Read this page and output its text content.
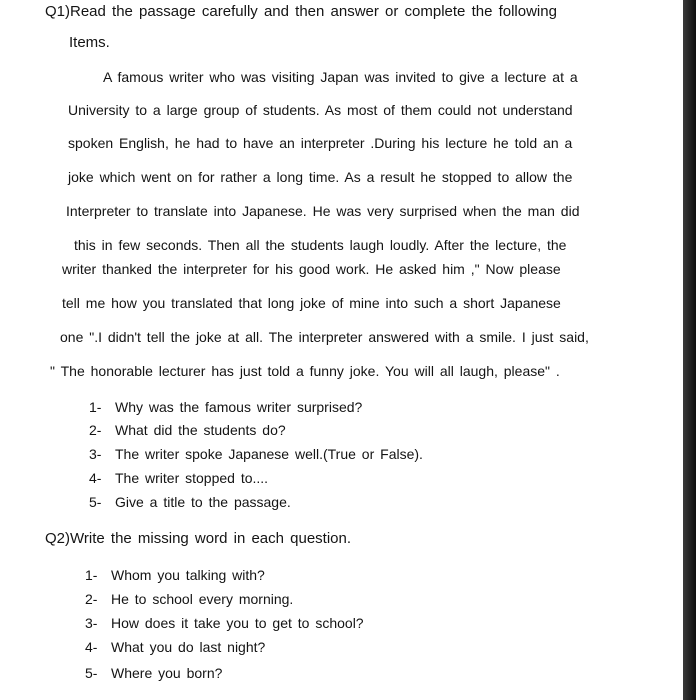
Q1)Read the passage carefully and then answer or complete the following
Items.
A famous writer who was visiting Japan was invited to give a lecture at a
University to a large group of students. As most of them could not understand
spoken English, he had to have an interpreter .During his lecture he told an a
joke which went on for rather a long time. As a result he stopped to allow the
Interpreter to translate into Japanese. He was very surprised when the man did
this in few seconds. Then all the students laugh loudly. After the lecture, the
writer thanked the interpreter for his good work. He asked him ," Now please
tell me how you translated that long joke of mine into such a short Japanese
one ".I didn't tell the joke at all. The interpreter answered with a smile. I just said,
" The honorable lecturer has just told a funny joke. You will all laugh, please" .
1- Why was the famous writer surprised?
2- What did the students do?
3- The writer spoke Japanese well.(True or False).
4- The writer stopped to....
5- Give a title to the passage.
Q2)Write the missing word in each question.
1- Whom you talking with?
2- He to school every morning.
3- How does it take you to get to school?
4- What you do last night?
5- Where you born?
